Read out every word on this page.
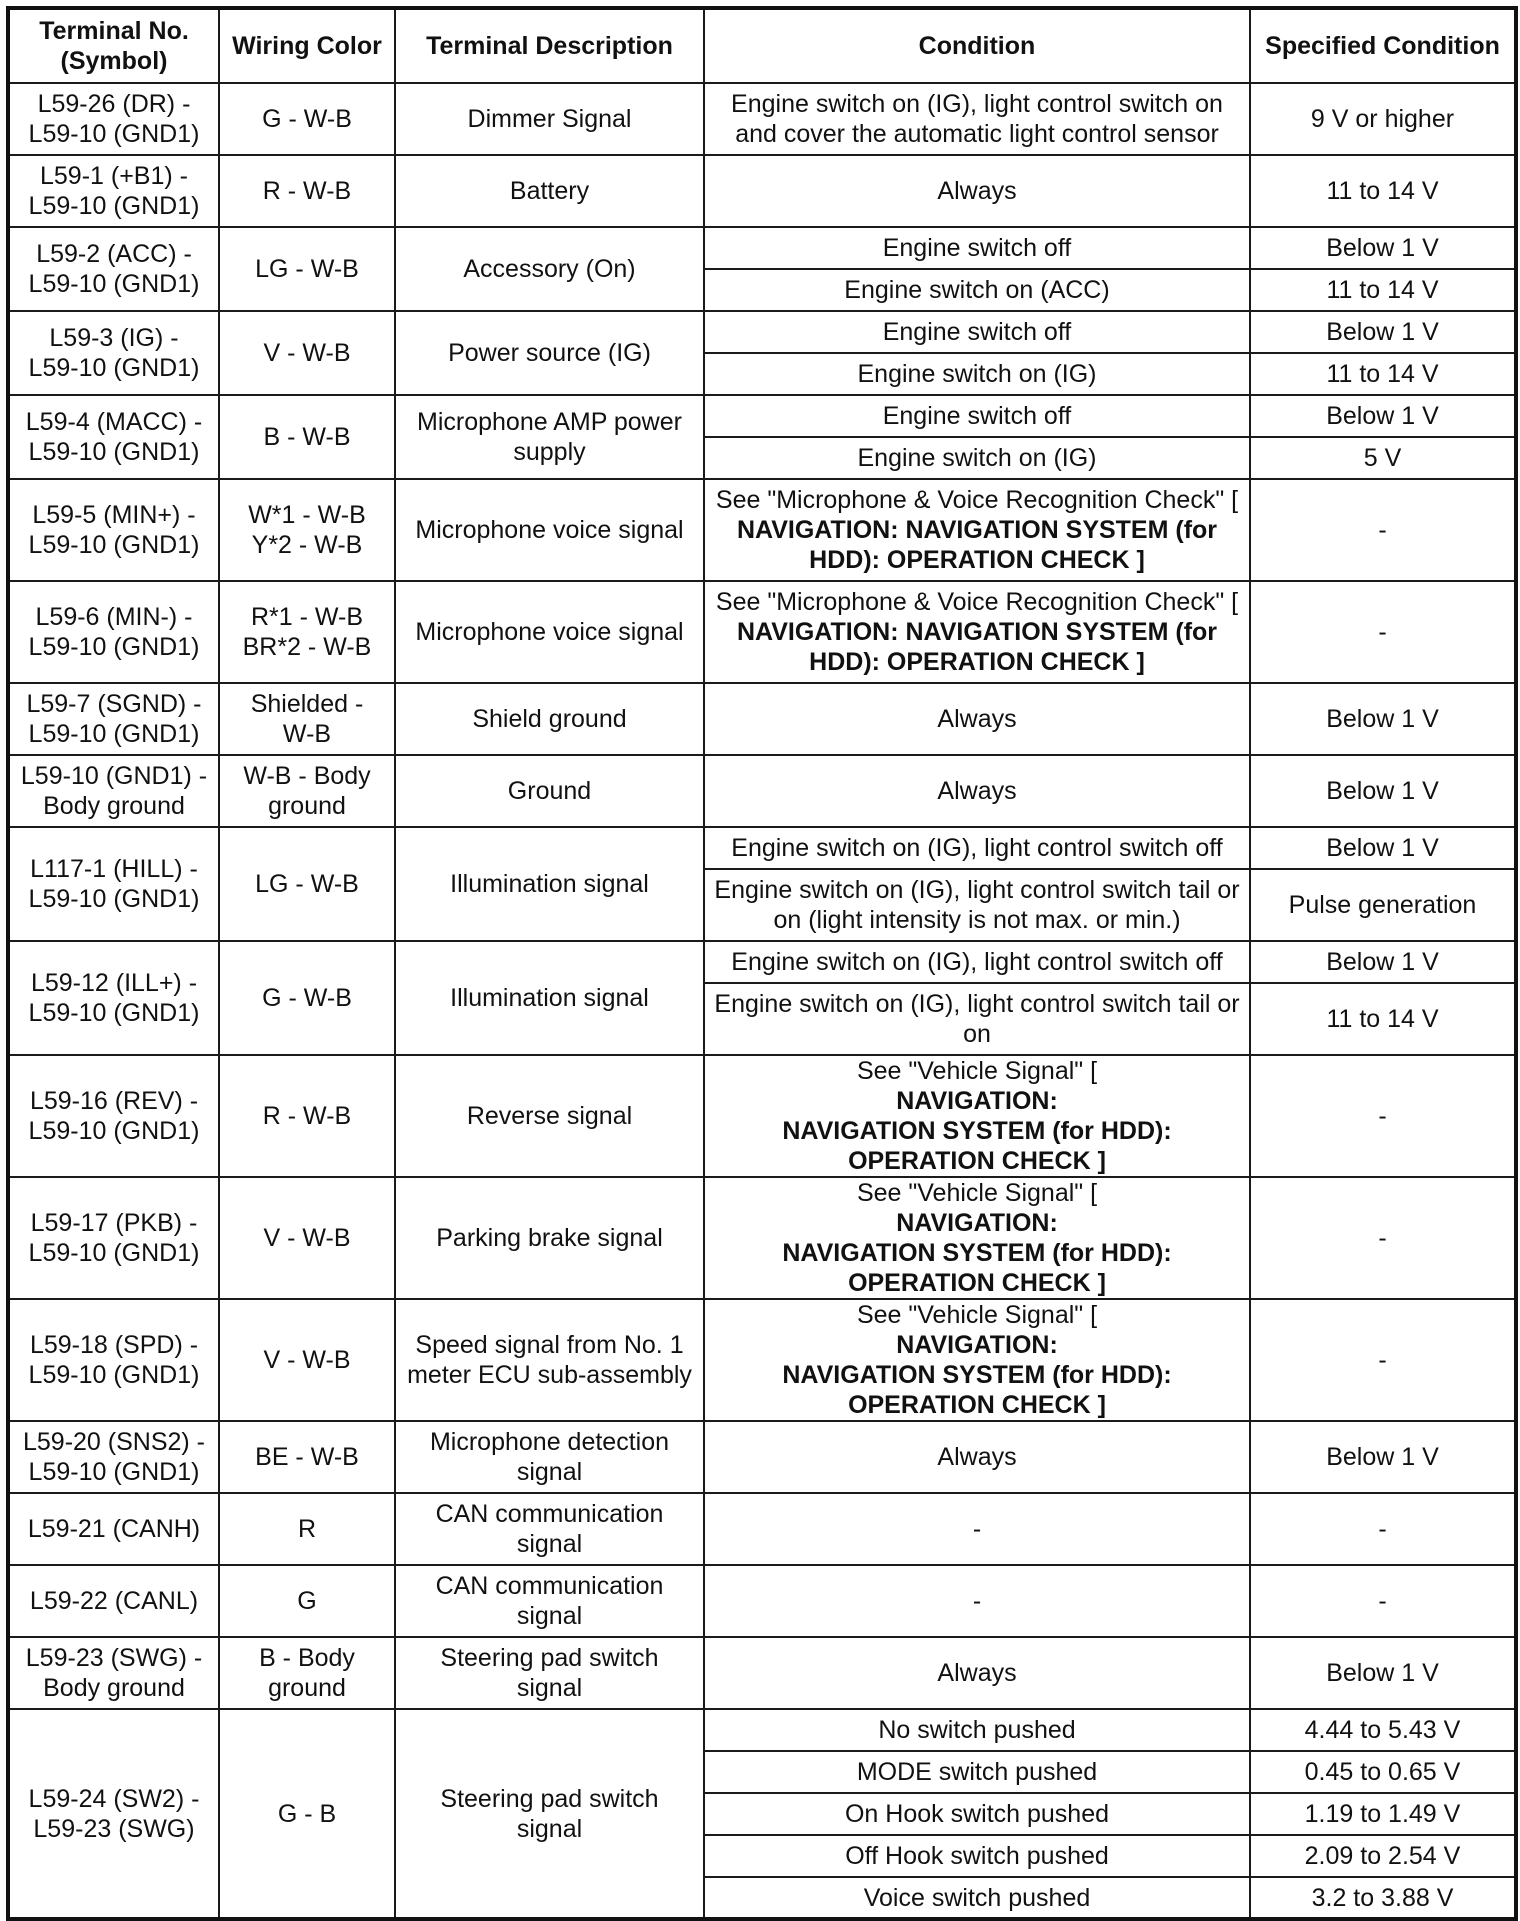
Terminal No. (Symbol)	Wiring Color	Terminal Description	Condition	Specified Condition

L59-26 (DR) -
L59-10 (GND1)	G - W-B	Dimmer Signal	Engine switch on (IG), light control switch on
and cover the automatic light control sensor	9 V or higher

L59-1 (+B1) -
L59-10 (GND1)	R - W-B	Battery	Always	11 to 14 V

L59-2 (ACC) -
L59-10 (GND1)	LG - W-B	Accessory (On)	Engine switch off	Below 1 V

			Engine switch on (ACC)	11 to 14 V

L59-3 (IG) -
L59-10 (GND1)	V - W-B	Power source (IG)	Engine switch off	Below 1 V

			Engine switch on (IG)	11 to 14 V

L59-4 (MACC) -
L59-10 (GND1)	B - W-B	Microphone AMP power
supply	Engine switch off	Below 1 V

			Engine switch on (IG)	5 V

L59-5 (MIN+) -
L59-10 (GND1)	W*1 - W-B
Y*2 - W-B	Microphone voice signal	See "Microphone & Voice Recognition Check" [
NAVIGATION: NAVIGATION SYSTEM (for
HDD): OPERATION CHECK ]	-

L59-6 (MIN-) -
L59-10 (GND1)	R*1 - W-B
BR*2 - W-B	Microphone voice signal	See "Microphone & Voice Recognition Check" [
NAVIGATION: NAVIGATION SYSTEM (for
HDD): OPERATION CHECK ]	-

L59-7 (SGND) -
L59-10 (GND1)	Shielded -
W-B	Shield ground	Always	Below 1 V

L59-10 (GND1) -
Body ground	W-B - Body
ground	Ground	Always	Below 1 V

L117-1 (HILL) -
L59-10 (GND1)	LG - W-B	Illumination signal	Engine switch on (IG), light control switch off	Below 1 V

			Engine switch on (IG), light control switch tail or
on (light intensity is not max. or min.)	Pulse generation

L59-12 (ILL+) -
L59-10 (GND1)	G - W-B	Illumination signal	Engine switch on (IG), light control switch off	Below 1 V

			Engine switch on (IG), light control switch tail or
on	11 to 14 V

L59-16 (REV) -
L59-10 (GND1)	R - W-B	Reverse signal	See "Vehicle Signal" [
NAVIGATION:
NAVIGATION SYSTEM (for HDD):
OPERATION CHECK ]	-

L59-17 (PKB) -
L59-10 (GND1)	V - W-B	Parking brake signal	See "Vehicle Signal" [
NAVIGATION:
NAVIGATION SYSTEM (for HDD):
OPERATION CHECK ]	-

L59-18 (SPD) -
L59-10 (GND1)	V - W-B	Speed signal from No. 1
meter ECU sub-assembly	See "Vehicle Signal" [
NAVIGATION:
NAVIGATION SYSTEM (for HDD):
OPERATION CHECK ]	-

L59-20 (SNS2) -
L59-10 (GND1)	BE - W-B	Microphone detection
signal	Always	Below 1 V

L59-21 (CANH)	R	CAN communication
signal	-	-

L59-22 (CANL)	G	CAN communication
signal	-	-

L59-23 (SWG) -
Body ground	B - Body
ground	Steering pad switch
signal	Always	Below 1 V

L59-24 (SW2) -
L59-23 (SWG)	G - B	Steering pad switch
signal	No switch pushed	4.44 to 5.43 V

			MODE switch pushed	0.45 to 0.65 V

			On Hook switch pushed	1.19 to 1.49 V

			Off Hook switch pushed	2.09 to 2.54 V

			Voice switch pushed	3.2 to 3.88 V
